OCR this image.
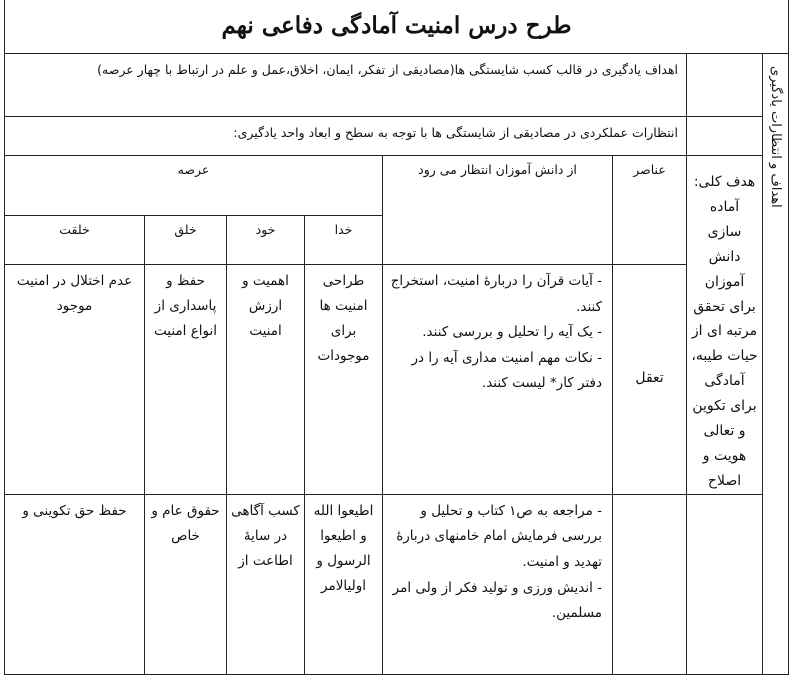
طرح درس امنیت آمادگی دفاعی نهم							

اهداف و انتظارات یادگیری		اهداف یادگیری در قالب کسب شایستگی ها(مصادیقی از تفکر، ایمان، اخلاق،عمل و علم در ارتباط با چهار عرصه)					
		انتظارات عملکردی در مصادیقی از شایستگی ها با توجه به سطح و ابعاد واحد یادگیری:					
	هدف کلی: آماده سازی دانش آموزان برای تحقق مرتبه ای از حیات طیبه، آمادگی برای تکوین و تعالی هویت و اصلاح	عناصر	از دانش آموزان انتظار می رود	عرصه			
				خدا	خود	خلق	خلقت
		تعقل	- آیات قرآن را دربارۀ امنیت، استخراج کنند.
- یک آیه را تحلیل و بررسی کنند.
- نکات مهم امنیت مداری آیه را در دفتر کار* لیست کنند.	طراحی امنیت ها برای موجودات	اهمیت و ارزش امنیت	حفظ و پاسداری از انواع امنیت	عدم اختلال در امنیت موجود

			- مراجعه به ص١ کتاب و تحلیل و بررسی فرمایش امام خامنهای دربارۀ تهدید و امنیت.
- اندیش ورزی و تولید فکر از ولی امر مسلمین.	اطیعوا الله و اطیعوا الرسول و اولیالامر	کسب آگاهی در سایۀ اطاعت از	حقوق عام و خاص	حفظ حق تکوینی و
